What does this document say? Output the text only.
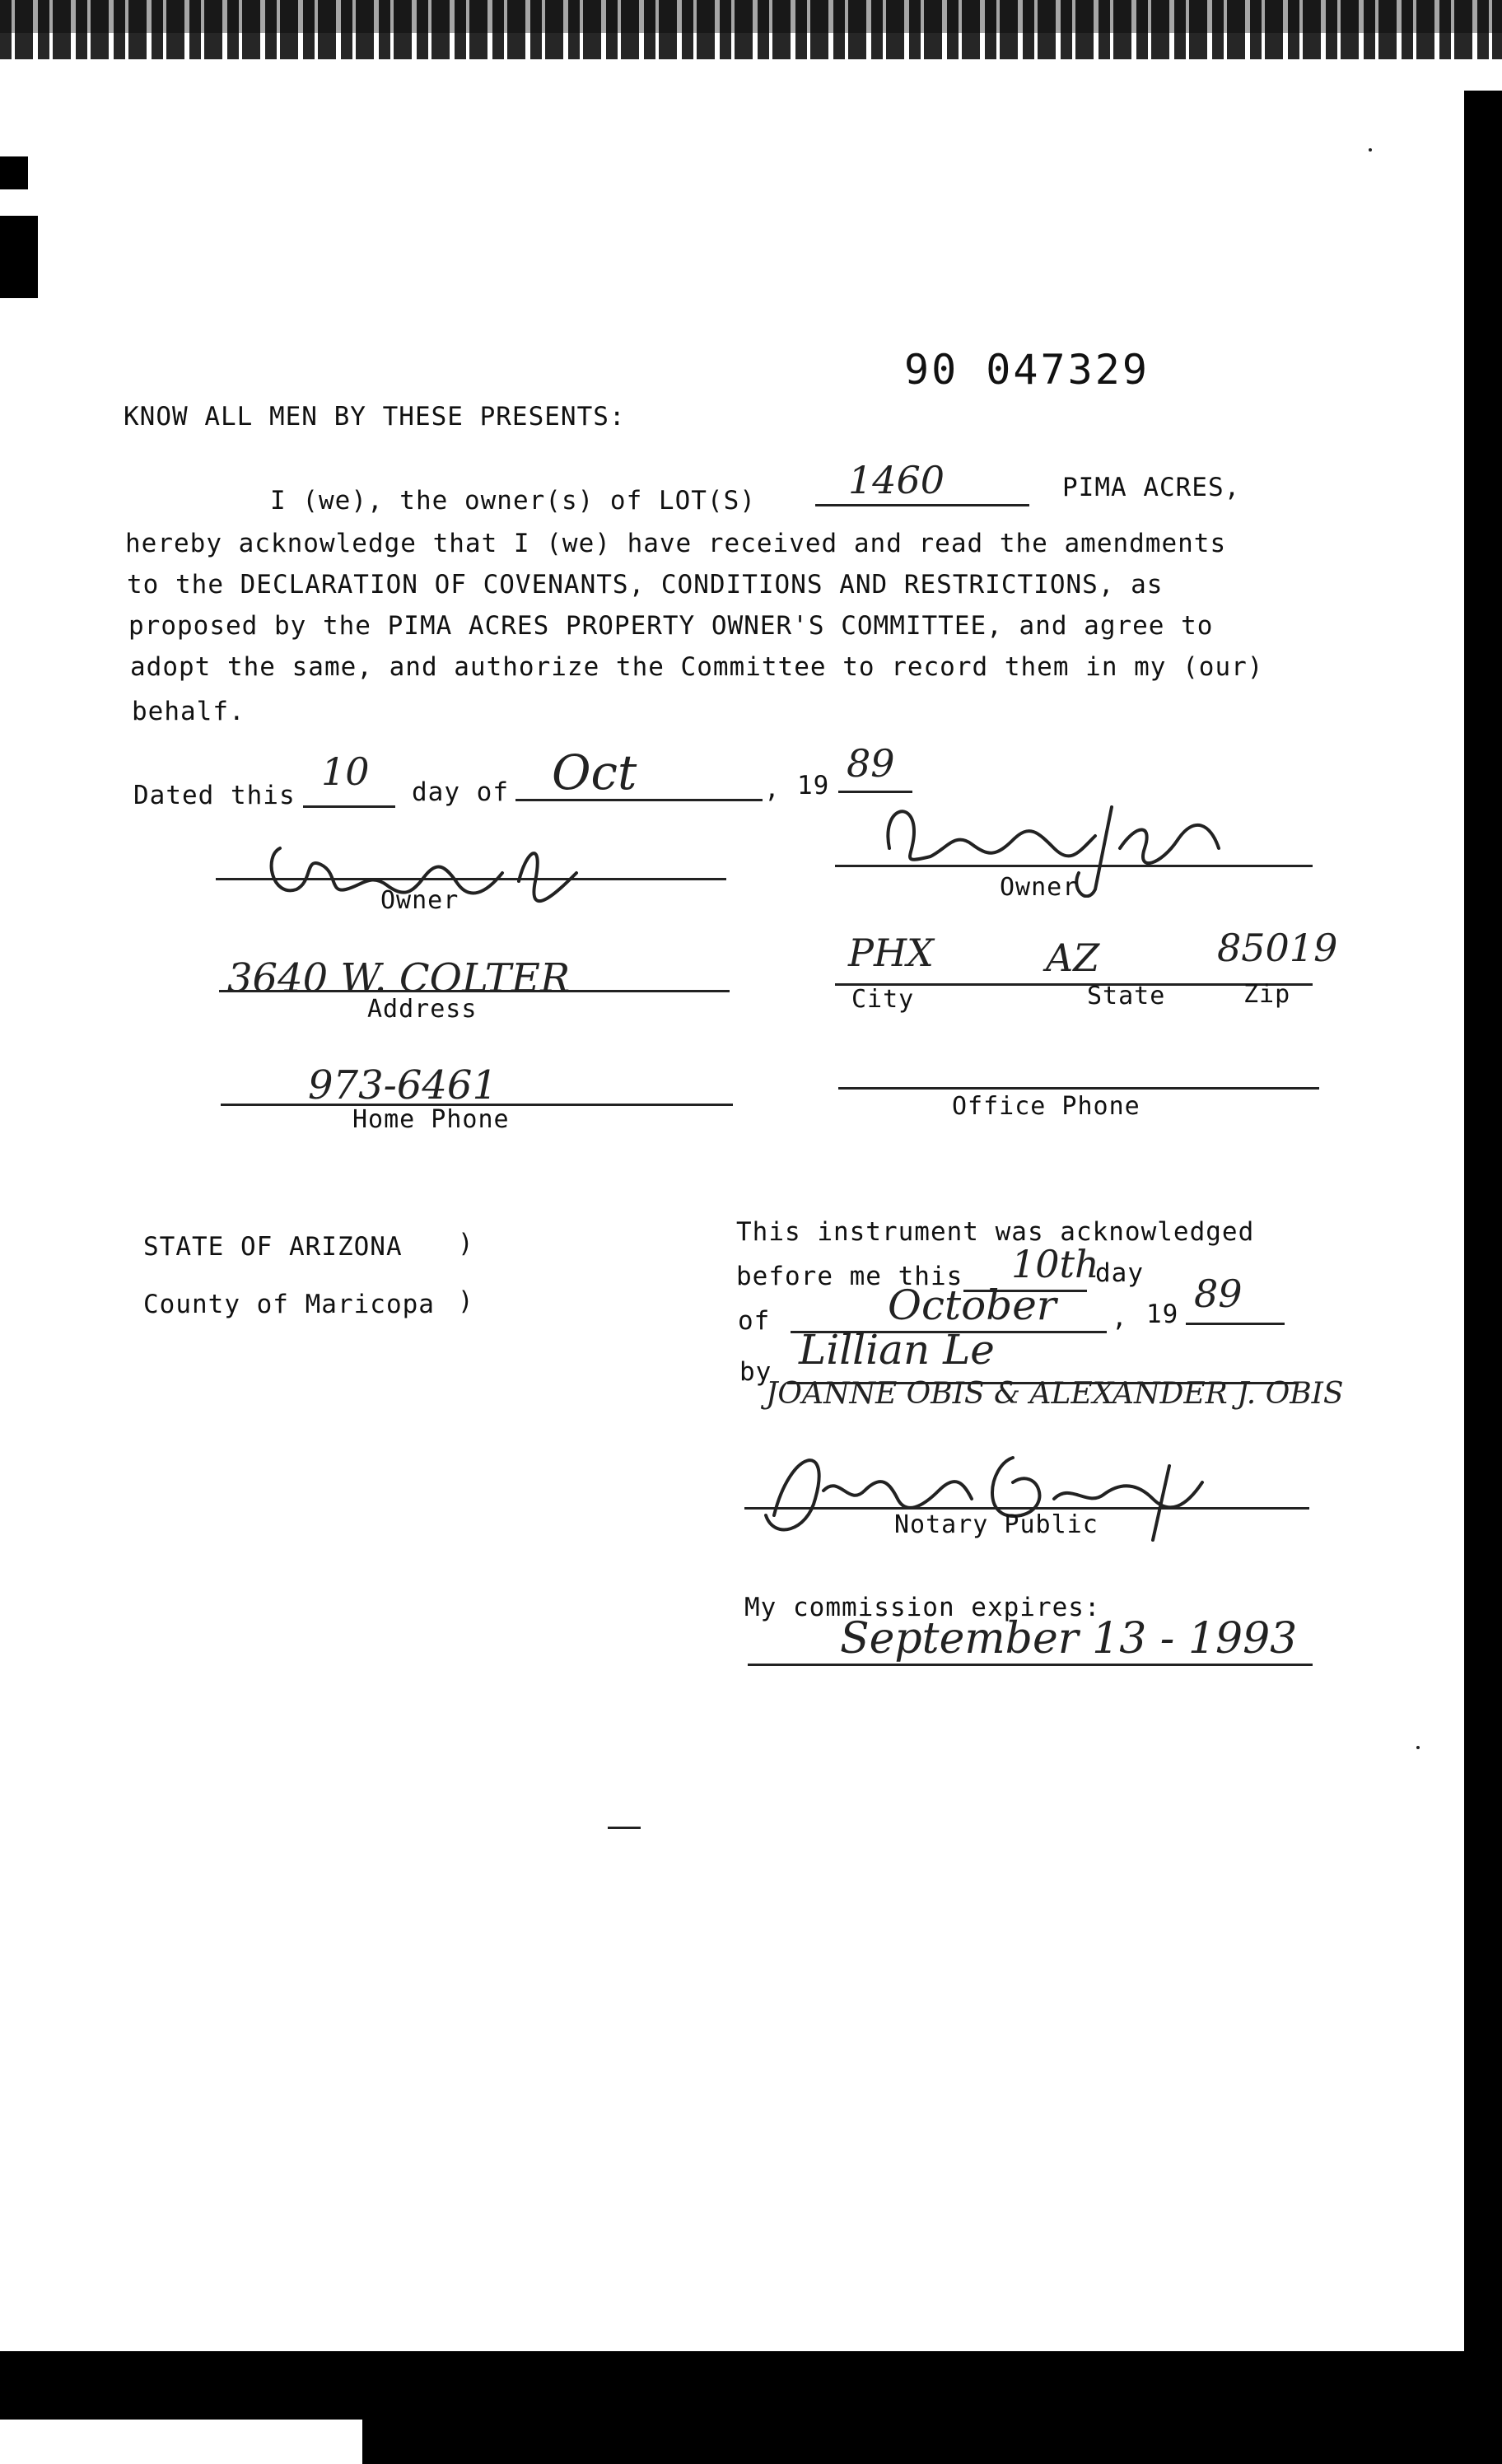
90 047329
KNOW ALL MEN BY THESE PRESENTS:
I (we), the owner(s) of LOT(S) 1460	PIMA ACRES,
hereby acknowledge that I (we) have received and read the amendments
to the DECLARATION OF COVENANTS, CONDITIONS AND RESTRICTIONS, as
proposed by the PIMA ACRES PROPERTY OWNER'S COMMITTEE, and agree to
adopt the same, and authorize the Committee to record them in my (our)
behalf.
Dated this
10 day of Oct	, 19 89
Owner	Owner
3640 W. COLTER
Address
PHX	AZ	85019
City	State	Zip
973-6461
Home Phone	Office Phone
STATE OF ARIZONA )
County of Maricopa )
This instrument was acknowledged
before me this 10th
day
of	October , 19 89
by Lillian Le
JOANNE OBIS & ALEXANDER J. OBIS
Notary Public
My commission expires:
September 13 - 1993
